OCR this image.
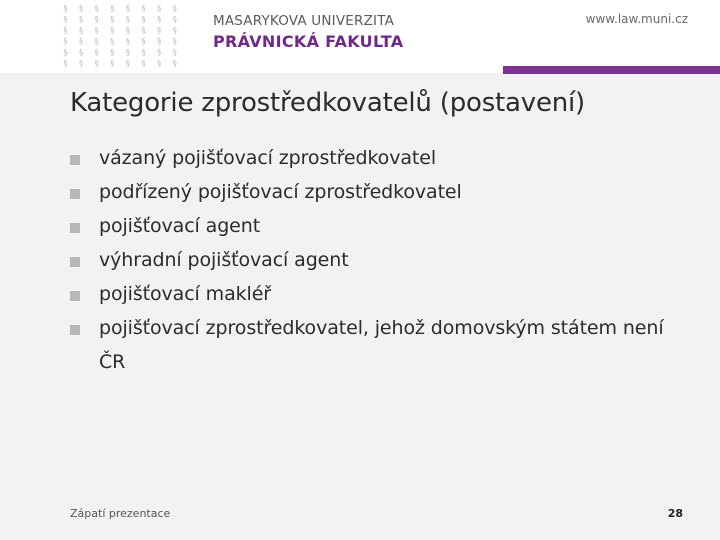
§ § § § § § § §
§ § § § § § § §
§ § § § § § § §
§ § § § § § § §
§ § § § § § § §
§ § § § § § § §
MASARYKOVA UNIVERZITA
PRÁVNICKÁ FAKULTA
www.law.muni.cz
Kategorie zprostředkovatelů (postavení)
vázaný pojišťovací zprostředkovatel
podřízený pojišťovací zprostředkovatel
pojišťovací agent
výhradní pojišťovací agent
pojišťovací makléř
pojišťovací zprostředkovatel, jehož domovským státem není ČR
Zápatí prezentace	28
